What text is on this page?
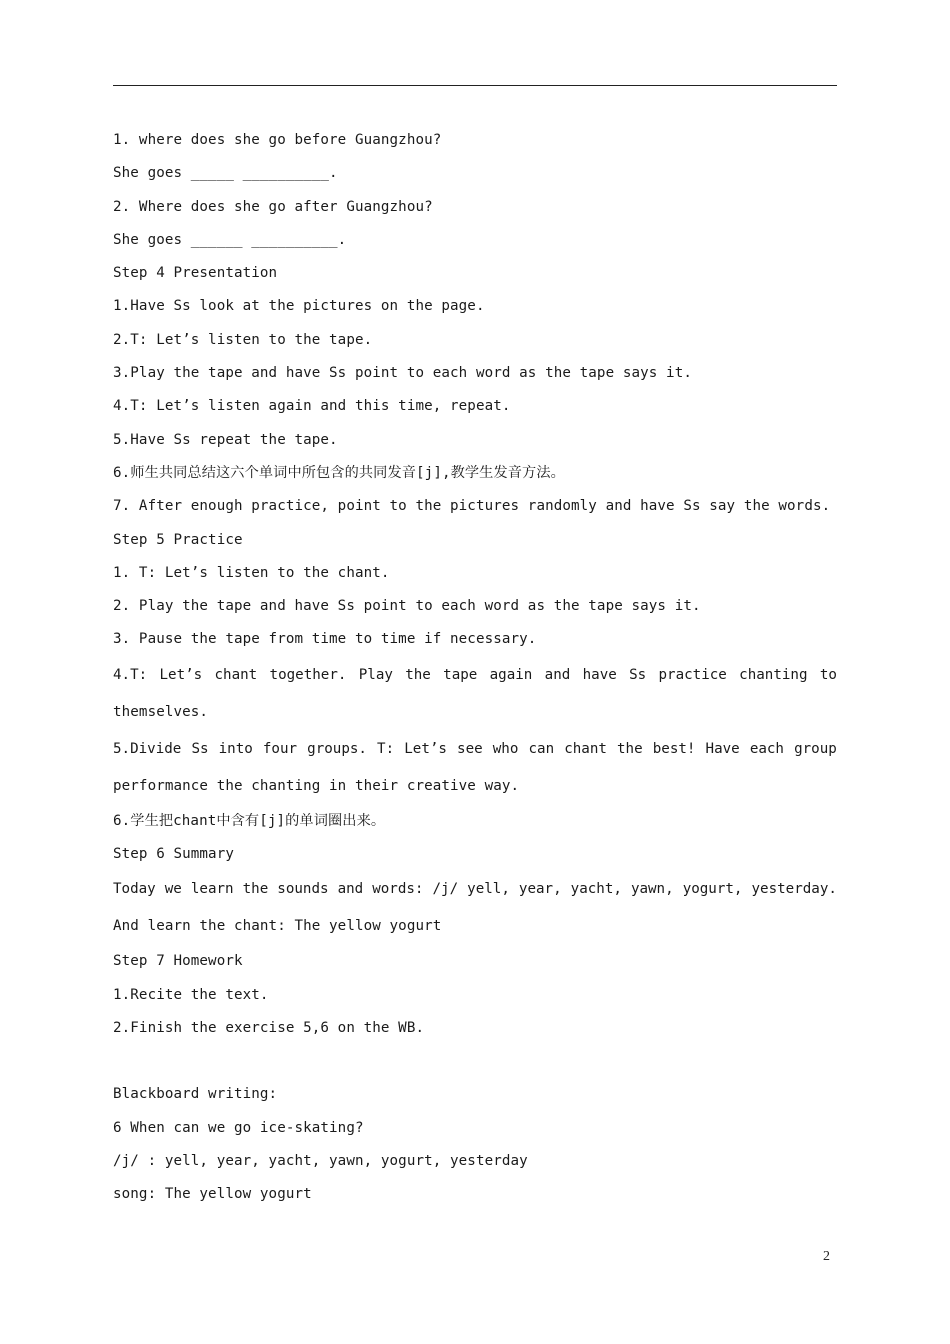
1. where does she go before Guangzhou?
She goes _____ __________.
2. Where does she go after Guangzhou?
She goes ______ __________.
Step 4 Presentation
1.Have Ss look at the pictures on the page.
2.T: Let’s listen to the tape.
3.Play the tape and have Ss point to each word as the tape says it.
4.T: Let’s listen again and this time, repeat.
5.Have Ss repeat the tape.
6.师生共同总结这六个单词中所包含的共同发音[j],教学生发音方法。
7. After enough practice, point to the pictures randomly and have Ss say the words.
Step 5 Practice
1. T: Let’s listen to the chant.
2. Play the tape and have Ss point to each word as the tape says it.
3. Pause the tape from time to time if necessary.
4.T: Let’s chant together. Play the tape again and have Ss practice chanting to
themselves.
5.Divide Ss into four groups. T: Let’s see who can chant the best! Have each group
performance the chanting in their creative way.
6.学生把chant中含有[j]的单词圈出来。
Step 6 Summary
Today we learn the sounds and words: /j/ yell, year, yacht, yawn, yogurt, yesterday.
And learn the chant: The yellow yogurt
Step 7 Homework
1.Recite the text.
2.Finish the exercise 5,6 on the WB.
Blackboard writing:
6 When can we go ice-skating?
/j/ : yell, year, yacht, yawn, yogurt, yesterday
song: The yellow yogurt
2
